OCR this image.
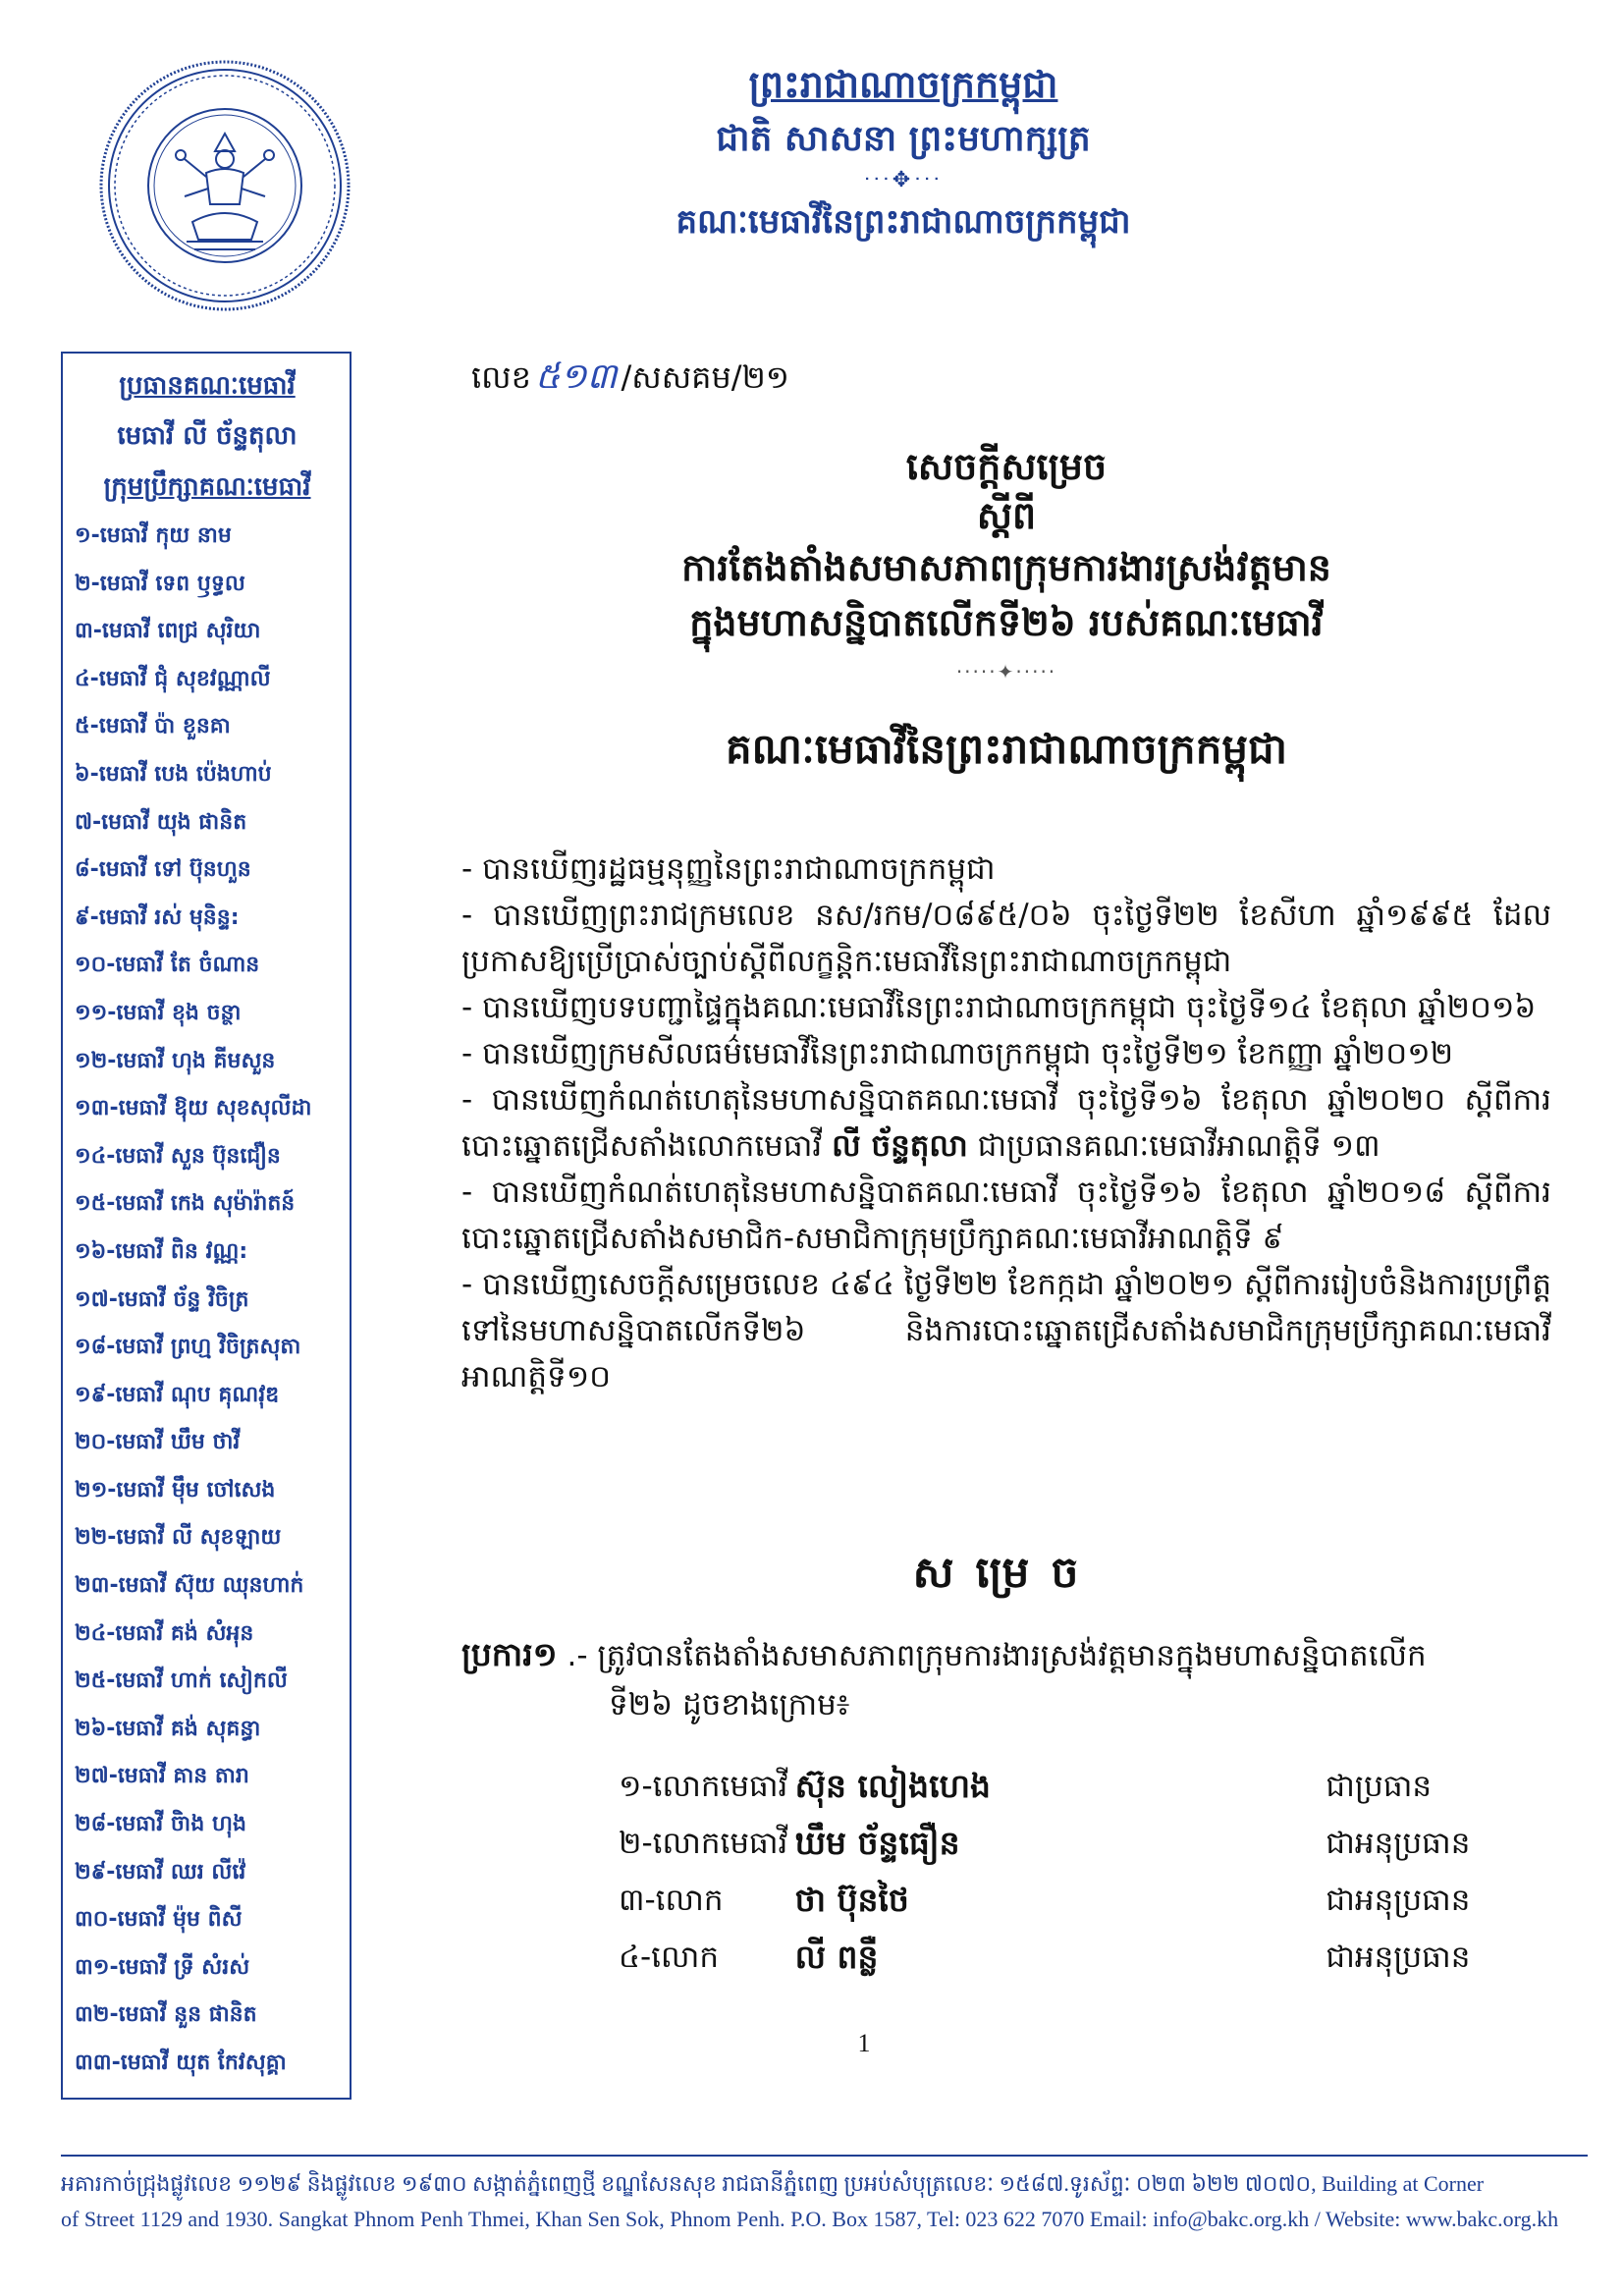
ព្រះរាជាណាចក្រកម្ពុជា
ជាតិ សាសនា ព្រះមហាក្សត្រ
ᐧᐧᐧ✥ᐧᐧᐧ
គណៈមេធាវីនៃព្រះរាជាណាចក្រកម្ពុជា
ប្រធានគណៈមេធាវី
មេធាវី លី ច័ន្ទតុលា
ក្រុមប្រឹក្សាគណៈមេធាវី
១-មេធាវី កុយ នាម
២-មេធាវី ទេព ឫទ្ធល
៣-មេធាវី ពេជ្រ សុរិយា
៤-មេធាវី ជុំ សុខវណ្ណាលី
៥-មេធាវី ប៉ា ខួនគា
៦-មេធាវី បេង ប៉េងហាប់
៧-មេធាវី យុង ផានិត
៨-មេធាវី ទៅ ប៊ុនហួន
៩-មេធាវី រស់ មុនិន្ទ:
១០-មេធាវី តែ ចំណាន
១១-មេធាវី ខុង ចន្ថា
១២-មេធាវី ហុង គីមសួន
១៣-មេធាវី ឱុយ សុខសុលីដា
១៤-មេធាវី សួន ប៊ុនជឿន
១៥-មេធាវី កេង សុម៉ារ៉ាតន៍
១៦-មេធាវី ពិន វណ្ណ:
១៧-មេធាវី ច័ន្ទ វិចិត្រ
១៨-មេធាវី ព្រហ្ម វិចិត្រសុតា
១៩-មេធាវី ណុប គុណវុឌ
២០-មេធាវី ឃឹម ថាវី
២១-មេធាវី ម៉ឹម ចៅសេង
២២-មេធាវី លី សុខឡាយ
២៣-មេធាវី ស៊ុយ ឈុនហាក់
២៤-មេធាវី គង់ សំអុន
២៥-មេធាវី ហាក់ សៀកលី
២៦-មេធាវី គង់ សុគន្ធា
២៧-មេធាវី គាន តារា
២៨-មេធាវី ចិាង ហុង
២៩-មេធាវី ឈរ លីវ៉េ
៣០-មេធាវី ម៉ុម ពិសី
៣១-មេធាវី ទ្រី សំរស់
៣២-មេធាវី នួន ផានិត
៣៣-មេធាវី យុត កែវសុគ្គា
លេខ ៥១៣ /សសគម/២១
សេចក្តីសម្រេច
ស្តីពី
ការតែងតាំងសមាសភាពក្រុមការងារស្រង់វត្តមាន
ក្នុងមហាសន្និបាតលើកទី២៦ របស់គណៈមេធាវី
·····✦·····
គណៈមេធាវីនៃព្រះរាជាណាចក្រកម្ពុជា

- បានឃើញរដ្ឋធម្មនុញ្ញនៃព្រះរាជាណាចក្រកម្ពុជា

- បានឃើញព្រះរាជក្រមលេខ នស/រកម/០៨៩៥/០៦ ចុះថ្ងៃទី២២ ខែសីហា ឆ្នាំ១៩៩៥ ដែលប្រកាសឱ្យប្រើប្រាស់ច្បាប់ស្តីពីលក្ខន្តិកៈមេធាវីនៃព្រះរាជាណាចក្រកម្ពុជា

- បានឃើញបទបញ្ជាផ្ទៃក្នុងគណៈមេធាវីនៃព្រះរាជាណាចក្រកម្ពុជា ចុះថ្ងៃទី១៤ ខែតុលា ឆ្នាំ២០១៦

- បានឃើញក្រមសីលធម៌មេធាវីនៃព្រះរាជាណាចក្រកម្ពុជា ចុះថ្ងៃទី២១ ខែកញ្ញា ឆ្នាំ២០១២

- បានឃើញកំណត់ហេតុនៃមហាសន្និបាតគណៈមេធាវី ចុះថ្ងៃទី១៦ ខែតុលា ឆ្នាំ២០២០ ស្តីពីការបោះឆ្នោតជ្រើសតាំងលោកមេធាវី លី ច័ន្ទតុលា ជាប្រធានគណៈមេធាវីអាណត្តិទី ១៣

- បានឃើញកំណត់ហេតុនៃមហាសន្និបាតគណៈមេធាវី ចុះថ្ងៃទី១៦ ខែតុលា ឆ្នាំ២០១៨ ស្តីពីការបោះឆ្នោតជ្រើសតាំងសមាជិក-សមាជិកាក្រុមប្រឹក្សាគណៈមេធាវីអាណត្តិទី ៩

- បានឃើញសេចក្តីសម្រេចលេខ ៤៩៤ ថ្ងៃទី២២ ខែកក្កដា ឆ្នាំ២០២១ ស្តីពីការរៀបចំនិងការប្រព្រឹត្តទៅនៃមហាសន្និបាតលើកទី២៦ និងការបោះឆ្នោតជ្រើសតាំងសមាជិកក្រុមប្រឹក្សាគណៈមេធាវីអាណត្តិទី១០

សម្រេច
ប្រការ១ .- ត្រូវបានតែងតាំងសមាសភាពក្រុមការងារស្រង់វត្តមានក្នុងមហាសន្និបាតលើក
ទី២៦ ដូចខាងក្រោម៖
១-លោកមេធាវី ស៊ុន លៀងហេង	ជាប្រធាន
២-លោកមេធាវី ឃឹម ច័ន្ទធឿន	ជាអនុប្រធាន
៣-លោក	ថា ប៊ុនថៃ	ជាអនុប្រធាន
៤-លោក	លី ពន្លឺ	ជាអនុប្រធាន
1
អគារកាច់ជ្រុងផ្លូវលេខ ១១២៩ និងផ្លូវលេខ ១៩៣០ សង្កាត់ភ្នំពេញថ្មី ខណ្ឌសែនសុខ រាជធានីភ្នំពេញ ប្រអប់សំបុត្រលេខៈ ១៥៨៧.ទូរស័ព្ទៈ ០២៣ ៦២២ ៧០៧០, Building at Corner
of Street 1129 and 1930. Sangkat Phnom Penh Thmei, Khan Sen Sok, Phnom Penh. P.O. Box 1587, Tel: 023 622 7070 Email: info@bakc.org.kh / Website: www.bakc.org.kh
